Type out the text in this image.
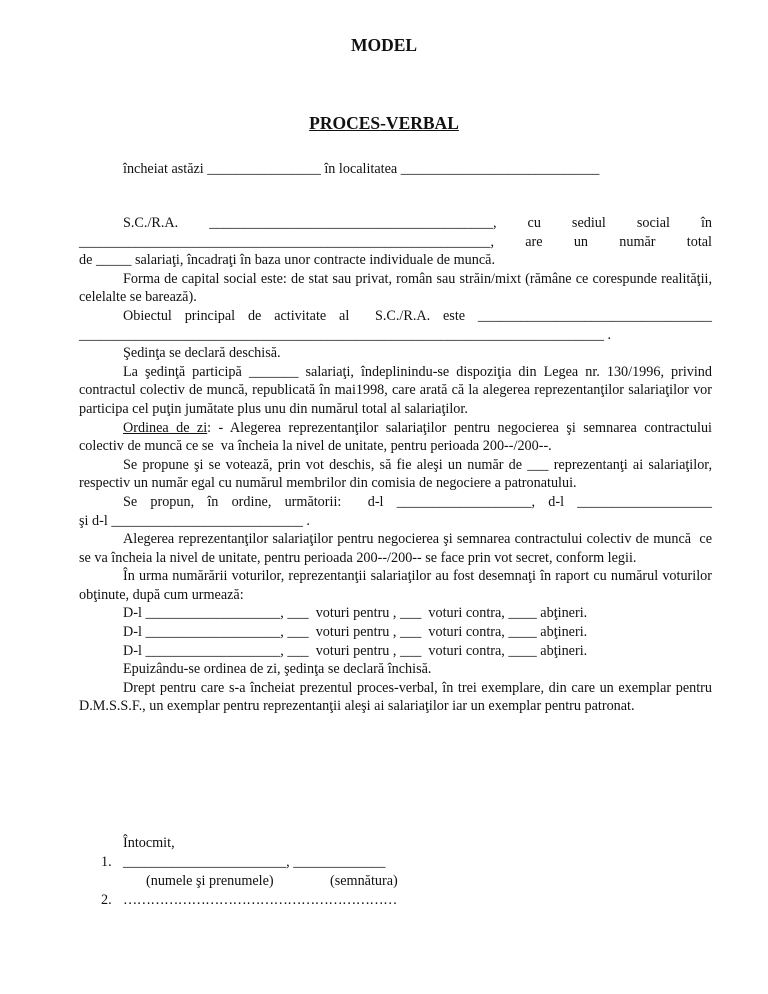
MODEL
PROCES-VERBAL

încheiat astăzi ________________ în localitatea ____________________________

S.C./R.A.   ________________________________________,   cu   sediul   social   în

__________________________________________________________, are un număr total

de _____ salariaţi, încadraţi în baza unor contracte individuale de muncă.

Forma de capital social este: de stat sau privat, român sau străin/mixt (rămâne ce corespunde realităţii, celelalte se barează).

Obiectul principal de activitate al  S.C./R.A. este _________________________________

__________________________________________________________________________ .

Şedinţa se declară deschisă.

La şedinţă participă _______ salariaţi, îndeplinindu-se dispoziţia din Legea nr. 130/1996, privind contractul colectiv de muncă, republicată în mai1998, care arată că la alegerea reprezentanţilor salariaţilor vor participa cel puţin jumătate plus unu din numărul total al salariaţilor.

Ordinea de zi: - Alegerea reprezentanţilor salariaţilor pentru negocierea şi semnarea contractului colectiv de muncă ce se  va încheia la nivel de unitate, pentru perioada 200--/200--.

Se propune şi se votează, prin vot deschis, să fie aleşi un număr de ___ reprezentanţi ai salariaţilor, respectiv un număr egal cu numărul membrilor din comisia de negociere a patronatului.

Se propun, în ordine, următorii:  d-l ___________________, d-l ___________________

şi d-l ___________________________ .

Alegerea reprezentanţilor salariaţilor pentru negocierea şi semnarea contractului colectiv de muncă  ce se va încheia la nivel de unitate, pentru perioada 200--/200-- se face prin vot secret, conform legii.

În urma numărării voturilor, reprezentanţii salariaţilor au fost desemnaţi în raport cu numărul voturilor obţinute, după cum urmează:

D-l ___________________, ___  voturi pentru , ___  voturi contra, ____ abţineri.

D-l ___________________, ___  voturi pentru , ___  voturi contra, ____ abţineri.

D-l ___________________, ___  voturi pentru , ___  voturi contra, ____ abţineri.

Epuizându-se ordinea de zi, şedinţa se declară închisă.

Drept pentru care s-a încheiat prezentul proces-verbal, în trei exemplare, din care un exemplar pentru D.M.S.S.F., un exemplar pentru reprezentanţii aleşi ai salariaţilor iar un exemplar pentru patronat.

Întocmit,

1. _______________________, _____________

(numele şi prenumele)	(semnătura)

2. ……………………………………………………
